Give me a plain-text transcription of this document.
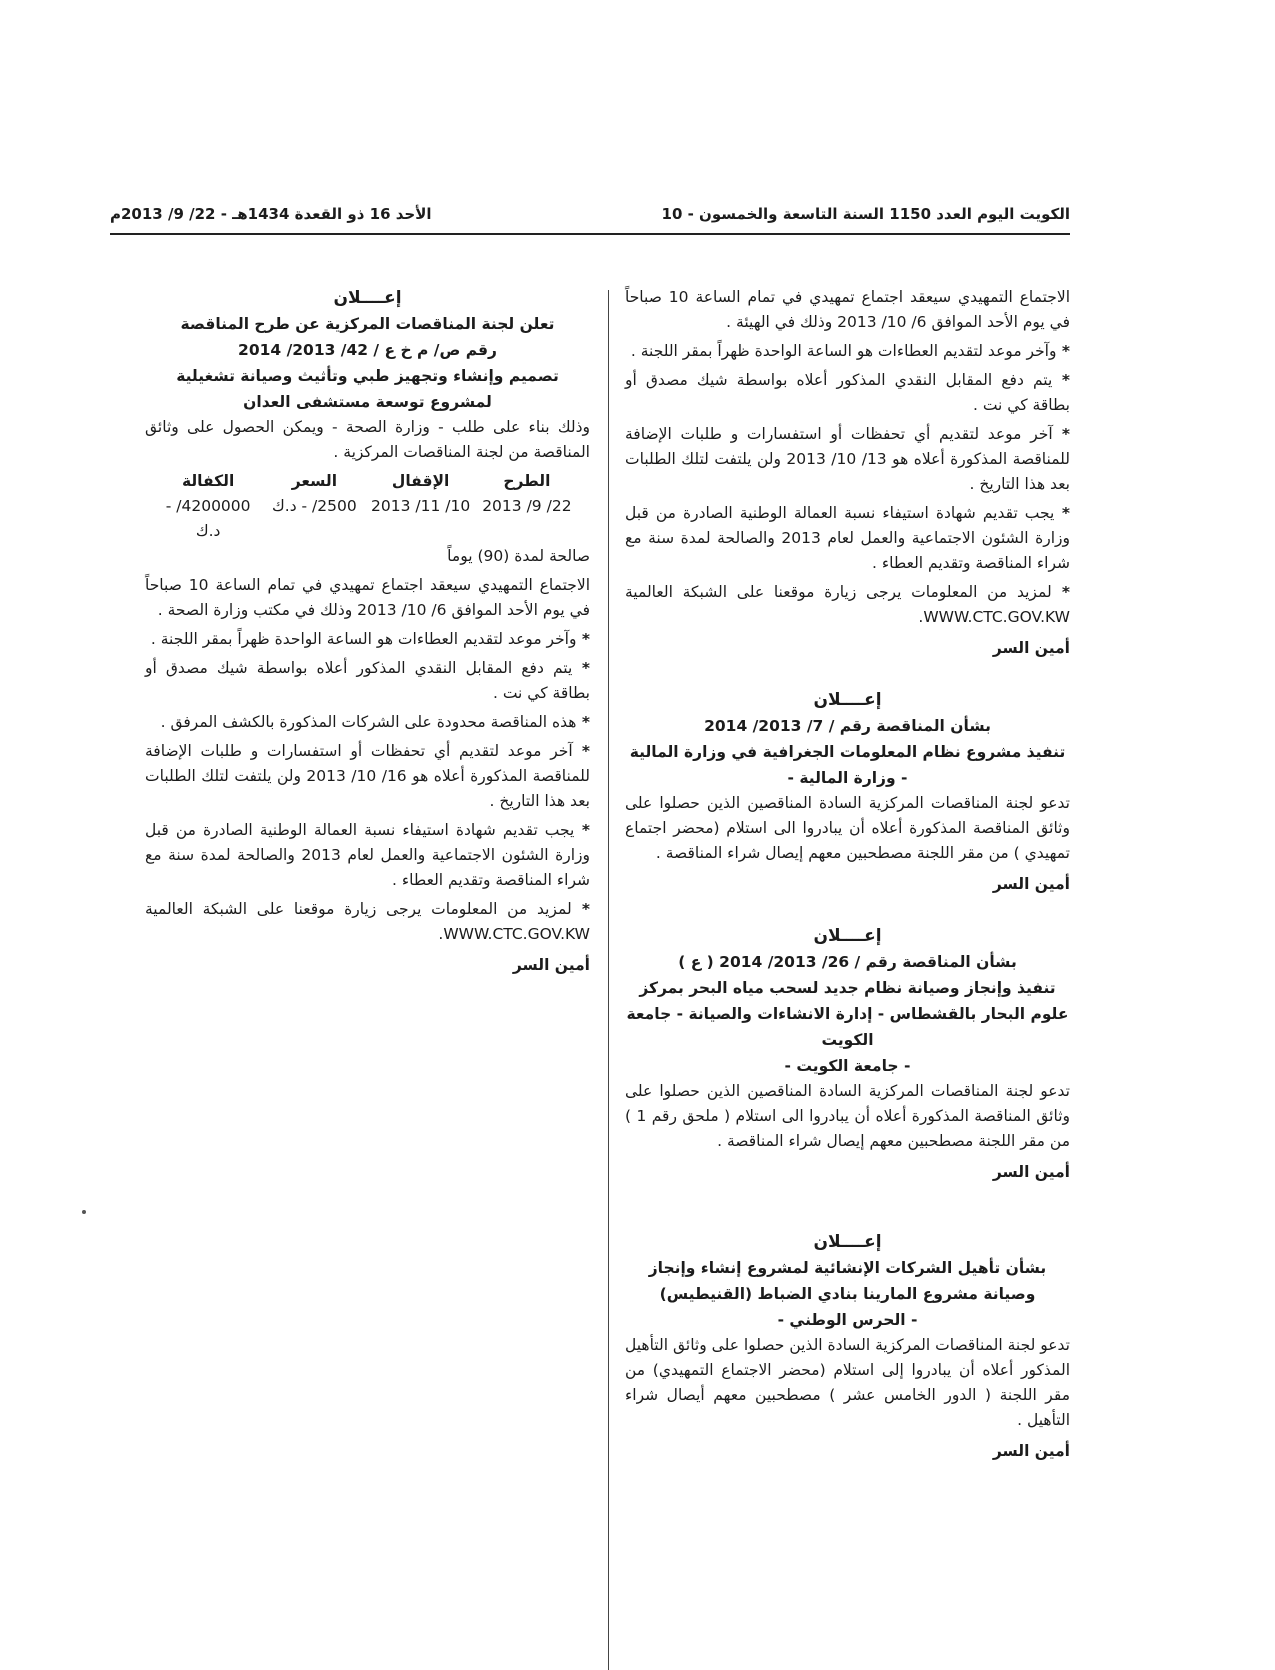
الكويت اليوم العدد 1150 السنة التاسعة والخمسون - 10
الأحد 16 ذو القعدة 1434هـ - 22/ 9/ 2013م

الاجتماع التمهيدي سيعقد اجتماع تمهيدي في تمام الساعة 10 صباحاً في يوم الأحد الموافق 6/ 10/ 2013 وذلك في الهيئة .

* وآخر موعد لتقديم العطاءات هو الساعة الواحدة ظهراً بمقر اللجنة .

* يتم دفع المقابل النقدي المذكور أعلاه بواسطة شيك مصدق أو بطاقة كي نت .

* آخر موعد لتقديم أي تحفظات أو استفسارات و طلبات الإضافة للمناقصة المذكورة أعلاه هو 13/ 10/ 2013 ولن يلتفت لتلك الطلبات بعد هذا التاريخ .

* يجب تقديم شهادة استيفاء نسبة العمالة الوطنية الصادرة من قبل وزارة الشئون الاجتماعية والعمل لعام 2013 والصالحة لمدة سنة مع شراء المناقصة وتقديم العطاء .

* لمزيد من المعلومات يرجى زيارة موقعنا على الشبكة العالمية WWW.CTC.GOV.KW.

أمين السر

إعــــلان

بشأن المناقصة رقم / 7/ 2013/ 2014

تنفيذ مشروع نظام المعلومات الجغرافية في وزارة المالية

- وزارة المالية -

تدعو لجنة المناقصات المركزية السادة المناقصين الذين حصلوا على وثائق المناقصة المذكورة أعلاه أن يبادروا الى استلام (محضر اجتماع تمهيدي ) من مقر اللجنة مصطحبين معهم إيصال شراء المناقصة .

أمين السر

إعــــلان

بشأن المناقصة رقم / 26/ 2013/ 2014 ( ع )

تنفيذ وإنجاز وصيانة نظام جديد لسحب مياه البحر بمركز علوم البحار بالقشطاس - إدارة الانشاءات والصيانة - جامعة الكويت

- جامعة الكويت -

تدعو لجنة المناقصات المركزية السادة المناقصين الذين حصلوا على وثائق المناقصة المذكورة أعلاه أن يبادروا الى استلام ( ملحق رقم 1 ) من مقر اللجنة مصطحبين معهم إيصال شراء المناقصة .

أمين السر

إعــــلان

بشأن تأهيل الشركات الإنشائية لمشروع إنشاء وإنجاز وصيانة مشروع المارينا بنادي الضباط (القنيطيس)

- الحرس الوطني -

تدعو لجنة المناقصات المركزية السادة الذين حصلوا على وثائق التأهيل المذكور أعلاه أن يبادروا إلى استلام (محضر الاجتماع التمهيدي) من مقر اللجنة ( الدور الخامس عشر ) مصطحبين معهم أيصال شراء التأهيل .

أمين السر

إعــــلان

تعلن لجنة المناقصات المركزية عن طرح المناقصة

رقم ص/ م خ ع / 42/ 2013/ 2014

تصميم وإنشاء وتجهيز طبي وتأثيث وصيانة تشغيلية

لمشروع توسعة مستشفى العدان

وذلك بناء على طلب - وزارة الصحة - ويمكن الحصول على وثائق المناقصة من لجنة المناقصات المركزية .

الطرح
الإقفال
السعر
الكفالة
22/ 9/ 2013
10/ 11/ 2013
2500/ - د.ك
4200000/ - د.ك

صالحة لمدة (90) يوماً

الاجتماع التمهيدي سيعقد اجتماع تمهيدي في تمام الساعة 10 صباحاً في يوم الأحد الموافق 6/ 10/ 2013 وذلك في مكتب وزارة الصحة .

* وآخر موعد لتقديم العطاءات هو الساعة الواحدة ظهراً بمقر اللجنة .

* يتم دفع المقابل النقدي المذكور أعلاه بواسطة شيك مصدق أو بطاقة كي نت .

* هذه المناقصة محدودة على الشركات المذكورة بالكشف المرفق .

* آخر موعد لتقديم أي تحفظات أو استفسارات و طلبات الإضافة للمناقصة المذكورة أعلاه هو 16/ 10/ 2013 ولن يلتفت لتلك الطلبات بعد هذا التاريخ .

* يجب تقديم شهادة استيفاء نسبة العمالة الوطنية الصادرة من قبل وزارة الشئون الاجتماعية والعمل لعام 2013 والصالحة لمدة سنة مع شراء المناقصة وتقديم العطاء .

* لمزيد من المعلومات يرجى زيارة موقعنا على الشبكة العالمية WWW.CTC.GOV.KW.

أمين السر
